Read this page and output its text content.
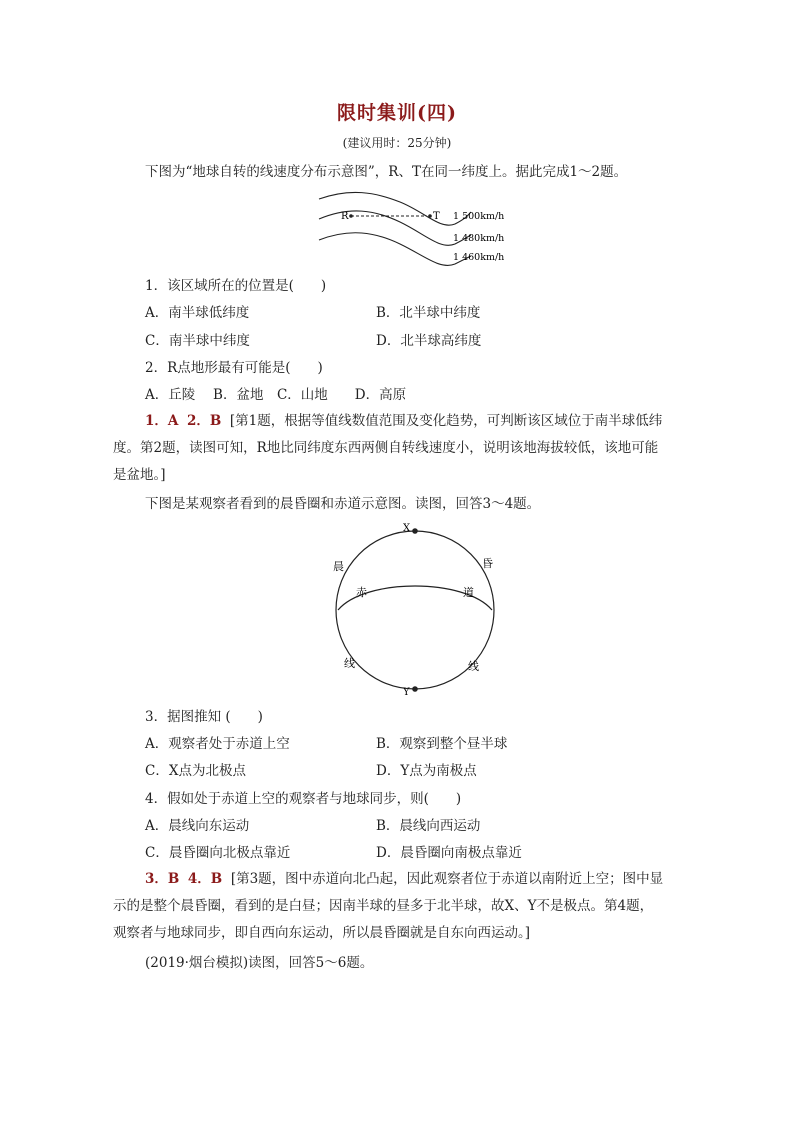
限时集训(四)
(建议用时：25分钟)
下图为“地球自转的线速度分布示意图”，R、T在同一纬度上。据此完成1～2题。
R	T 1 500km/h
1 480km/h
1 460km/h
1．该区域所在的位置是(　　)
A．南半球低纬度	B．北半球中纬度
C．南半球中纬度	D．北半球高纬度
2．R点地形最有可能是(　　)
A．丘陵　 B．盆地　C．山地　　D．高原
1．A 2．B [第1题，根据等值线数值范围及变化趋势，可判断该区域位于南半球低纬
度。第2题，读图可知，R地比同纬度东西两侧自转线速度小，说明该地海拔较低，该地可能
是盆地。]
下图是某观察者看到的晨昏圈和赤道示意图。读图，回答3～4题。
X
Y
晨	昏
线	线
赤	道
3．据图推知 (　　)
A．观察者处于赤道上空	B．观察到整个昼半球
C．X点为北极点	D．Y点为南极点
4．假如处于赤道上空的观察者与地球同步，则(　　)
A．晨线向东运动	B．晨线向西运动
C．晨昏圈向北极点靠近	D．晨昏圈向南极点靠近
3．B 4．B [第3题，图中赤道向北凸起，因此观察者位于赤道以南附近上空；图中显
示的是整个晨昏圈，看到的是白昼；因南半球的昼多于北半球，故X、Y不是极点。第4题，
观察者与地球同步，即自西向东运动，所以晨昏圈就是自东向西运动。]
(2019·烟台模拟)读图，回答5～6题。
